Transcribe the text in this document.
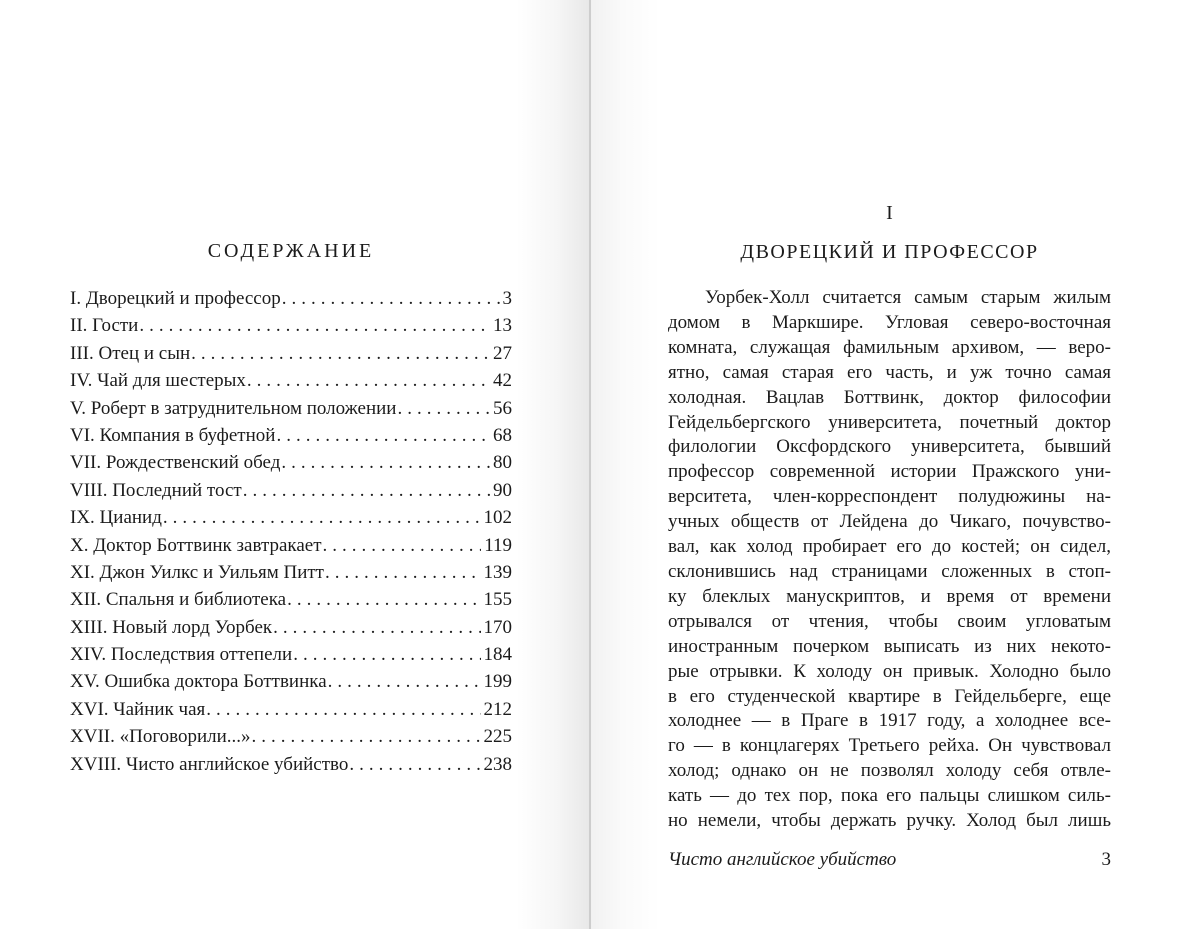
СОДЕРЖАНИЕ
I. Дворецкий и профессор .....	3
II. Гости .....	13
III. Отец и сын .....	27
IV. Чай для шестерых .....	42
V. Роберт в затруднительном положении .....	56
VI. Компания в буфетной .....	68
VII. Рождественский обед .....	80
VIII. Последний тост .....	90
IX. Цианид .....	102
X. Доктор Боттвинк завтракает .....	119
XI. Джон Уилкс и Уильям Питт .....	139
XII. Спальня и библиотека .....	155
XIII. Новый лорд Уорбек .....	170
XIV. Последствия оттепели .....	184
XV. Ошибка доктора Боттвинка .....	199
XVI. Чайник чая .....	212
XVII. «Поговорили...» .....	225
XVIII. Чисто английское убийство .....	238
I
ДВОРЕЦКИЙ И ПРОФЕССОР
Уорбек-Холл считается самым старым жилым
домом в Маркшире. Угловая северо-восточная
комната, служащая фамильным архивом, — веро-
ятно, самая старая его часть, и уж точно самая
холодная. Вацлав Боттвинк, доктор философии
Гейдельбергского университета, почетный доктор
филологии Оксфордского университета, бывший
профессор современной истории Пражского уни-
верситета, член-корреспондент полудюжины на-
учных обществ от Лейдена до Чикаго, почувство-
вал, как холод пробирает его до костей; он сидел,
склонившись над страницами сложенных в стоп-
ку блеклых манускриптов, и время от времени
отрывался от чтения, чтобы своим угловатым
иностранным почерком выписать из них некото-
рые отрывки. К холоду он привык. Холодно было
в его студенческой квартире в Гейдельберге, еще
холоднее — в Праге в 1917 году, а холоднее все-
го — в концлагерях Третьего рейха. Он чувствовал
холод; однако он не позволял холоду себя отвле-
кать — до тех пор, пока его пальцы слишком силь-
но немели, чтобы держать ручку. Холод был лишь
Чисто английское убийство	3
